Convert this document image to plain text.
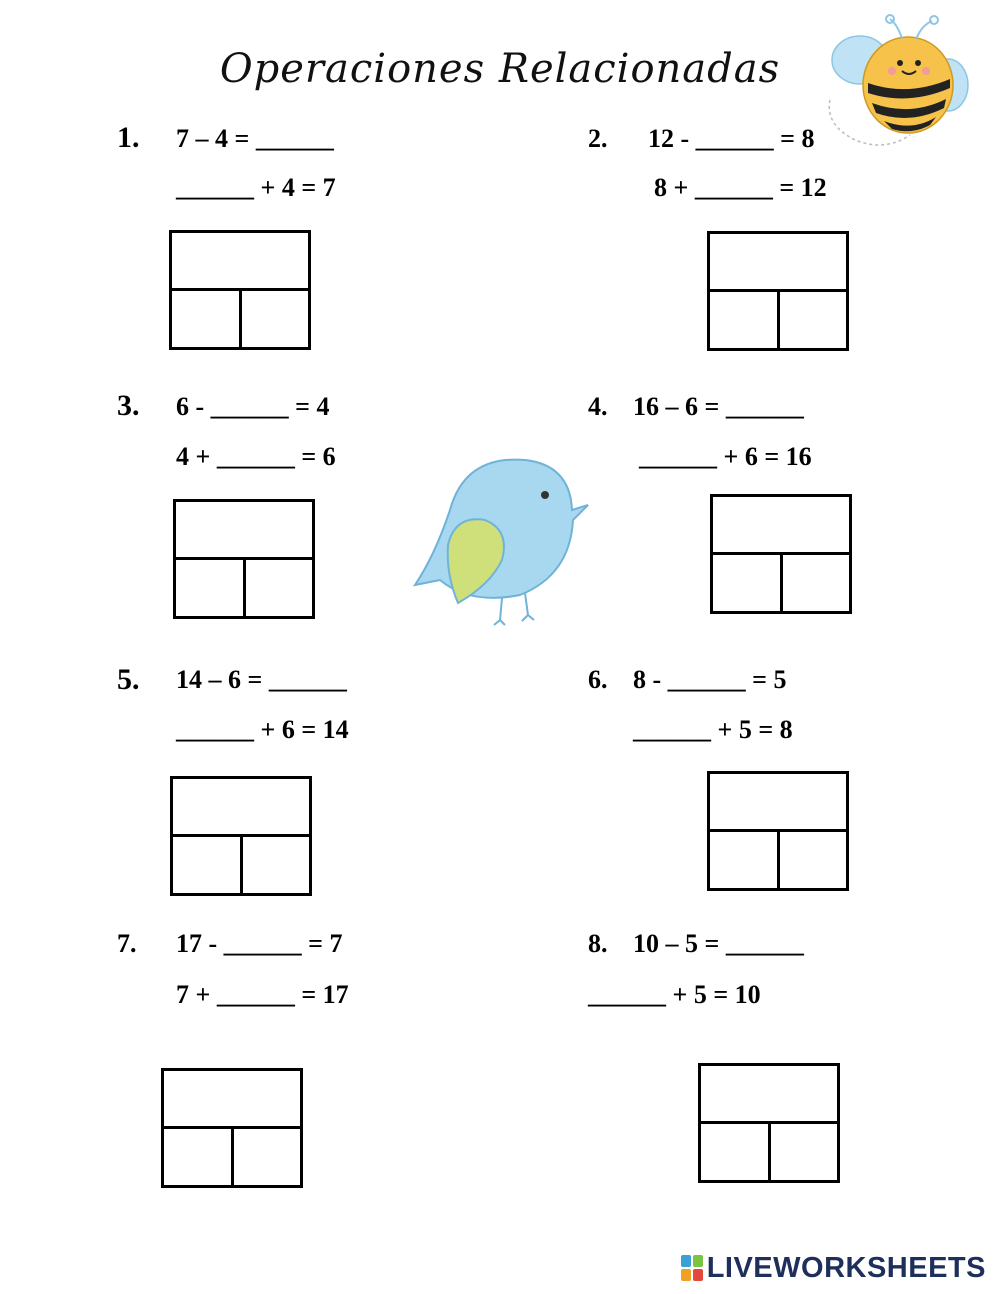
Operaciones Relacionadas
1. 7 – 4 = ______
______ + 4 = 7
2. 12 - ______ = 8
8 + ______ = 12
3. 6 - ______ = 4
4 + ______ = 6
4. 16 – 6 = ______
______ + 6 = 16
5. 14 – 6 = ______
______ + 6 = 14
6. 8 - ______ = 5
______ + 5 = 8
7. 17 - ______ = 7
7 + ______ = 17
8. 10 – 5 = ______
______ + 5 = 10
LIVEWORKSHEETS
